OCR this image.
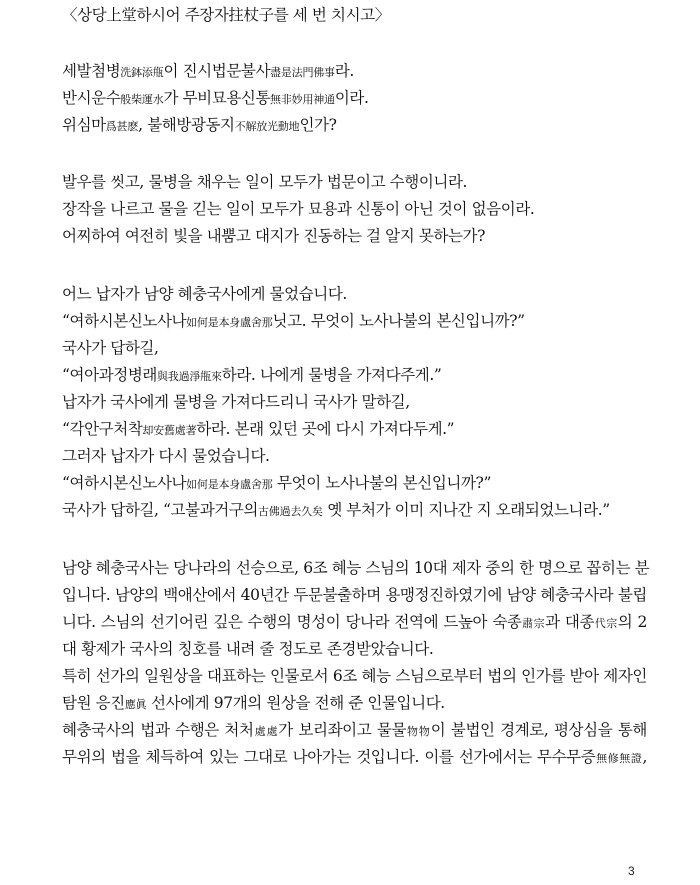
〈상당上堂하시어 주장자拄杖子를 세 번 치시고〉
세발첨병洗鉢添甁이 진시법문불사盡是法門佛事라.
반시운수般柴運水가 무비묘용신통無非妙用神通이라.
위심마爲甚麽, 불해방광동지不解放光動地인가?
발우를 씻고, 물병을 채우는 일이 모두가 법문이고 수행이니라.
장작을 나르고 물을 긷는 일이 모두가 묘용과 신통이 아닌 것이 없음이라.
어찌하여 여전히 빛을 내뿜고 대지가 진동하는 걸 알지 못하는가?
어느 납자가 남양 혜충국사에게 물었습니다.
“여하시본신노사나如何是本身盧舍那닛고. 무엇이 노사나불의 본신입니까?”
국사가 답하길,
“여아과정병래與我過淨甁來하라. 나에게 물병을 가져다주게.”
납자가 국사에게 물병을 가져다드리니 국사가 말하길,
“각안구처착却安舊處著하라. 본래 있던 곳에 다시 가져다두게.”
그러자 납자가 다시 물었습니다.
“여하시본신노사나如何是本身盧舍那 무엇이 노사나불의 본신입니까?”
국사가 답하길, “고불과거구의古佛過去久矣 옛 부처가 이미 지나간 지 오래되었느니라.”
남양 혜충국사는 당나라의 선승으로, 6조 혜능 스님의 10대 제자 중의 한 명으로 꼽히는 분
입니다. 남양의 백애산에서 40년간 두문불출하며 용맹정진하였기에 남양 혜충국사라 불립
니다. 스님의 선기어린 깊은 수행의 명성이 당나라 전역에 드높아 숙종肅宗과 대종代宗의 2
대 황제가 국사의 칭호를 내려 줄 정도로 존경받았습니다.
특히 선가의 일원상을 대표하는 인물로서 6조 혜능 스님으로부터 법의 인가를 받아 제자인
탐원 응진應眞 선사에게 97개의 원상을 전해 준 인물입니다.
혜충국사의 법과 수행은 처처處處가 보리좌이고 물물物物이 불법인 경계로, 평상심을 통해
무위의 법을 체득하여 있는 그대로 나아가는 것입니다. 이를 선가에서는 무수무증無修無證,
3
